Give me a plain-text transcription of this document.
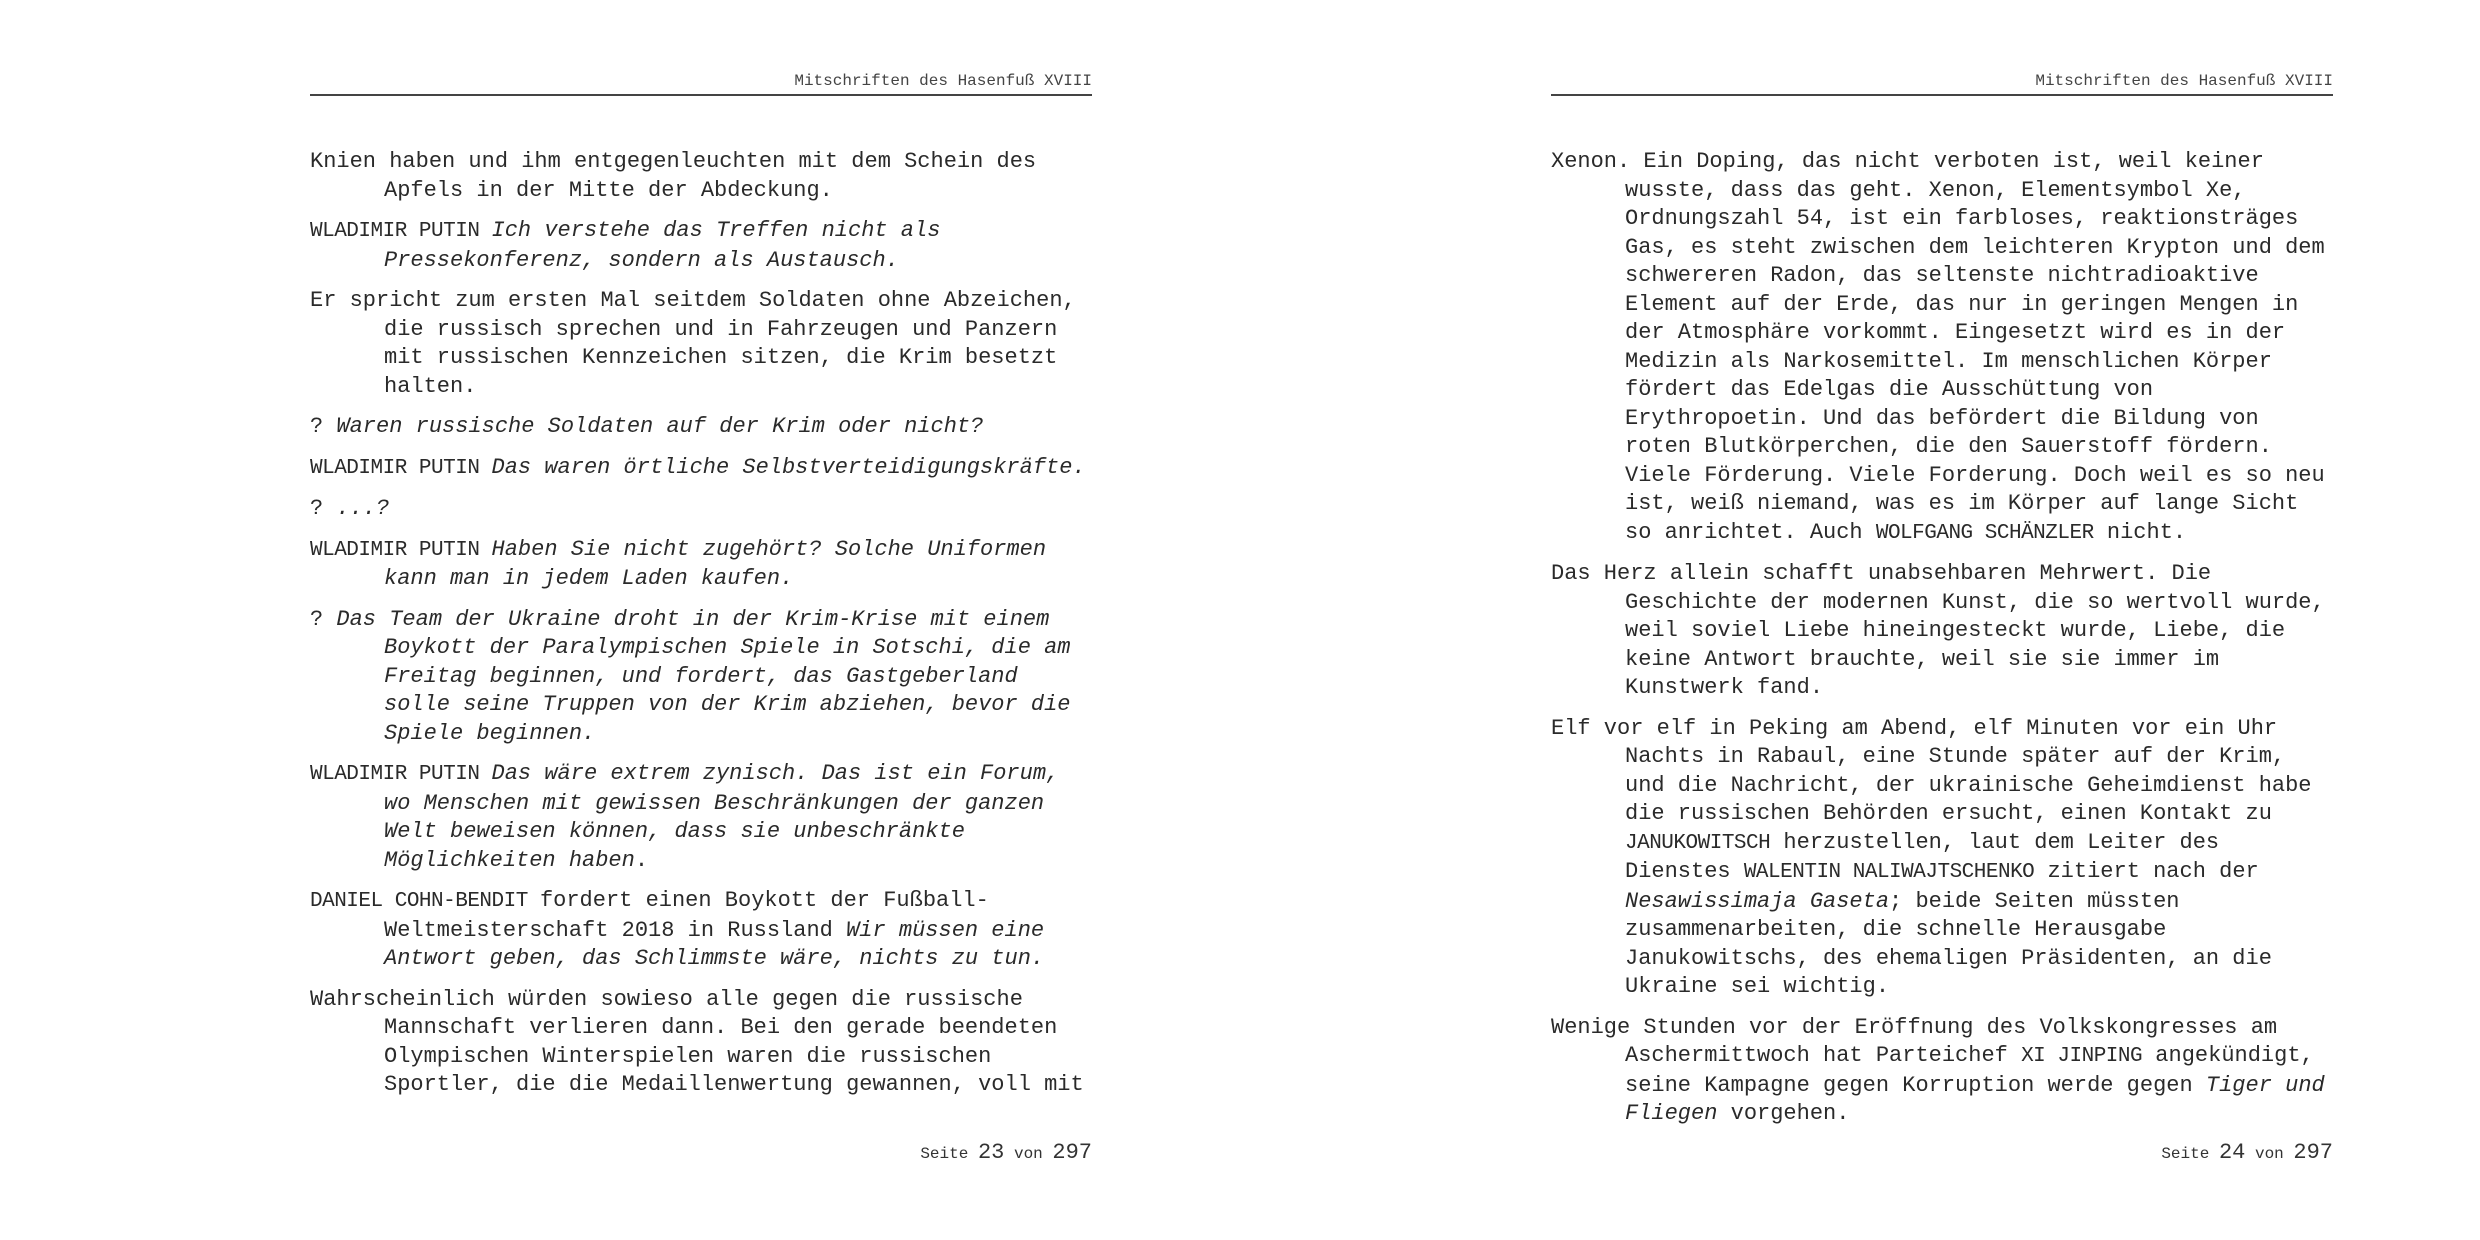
Mitschriften des Hasenfuß XVIII

Knien haben und ihm entgegenleuchten mit dem Schein des Apfels in der Mitte der Abdeckung.

WLADIMIR PUTIN Ich verstehe das Treffen nicht als Pressekonferenz, sondern als Austausch.

Er spricht zum ersten Mal seitdem Soldaten ohne Abzeichen, die russisch sprechen und in Fahrzeugen und Panzern mit russischen Kennzeichen sitzen, die Krim besetzt halten.

? Waren russische Soldaten auf der Krim oder nicht?

WLADIMIR PUTIN Das waren örtliche Selbstverteidigungskräfte.

? ...?

WLADIMIR PUTIN Haben Sie nicht zugehört? Solche Uniformen kann man in jedem Laden kaufen.

? Das Team der Ukraine droht in der Krim-Krise mit einem Boykott der Paralympischen Spiele in Sotschi, die am Freitag beginnen, und fordert, das Gastgeberland solle seine Truppen von der Krim abziehen, bevor die Spiele beginnen.

WLADIMIR PUTIN Das wäre extrem zynisch. Das ist ein Forum, wo Menschen mit gewissen Beschränkungen der ganzen Welt beweisen können, dass sie unbeschränkte Möglichkeiten haben.

DANIEL COHN-BENDIT fordert einen Boykott der Fußball-Weltmeisterschaft 2018 in Russland Wir müssen eine Antwort geben, das Schlimmste wäre, nichts zu tun.

Wahrscheinlich würden sowieso alle gegen die russische Mannschaft verlieren dann. Bei den gerade beendeten Olympischen Winterspielen waren die russischen Sportler, die die Medaillenwertung gewannen, voll mit

Seite 23 von 297
Mitschriften des Hasenfuß XVIII

Xenon. Ein Doping, das nicht verboten ist, weil keiner wusste, dass das geht. Xenon, Elementsymbol Xe, Ordnungszahl 54, ist ein farbloses, reaktionsträges Gas, es steht zwischen dem leichteren Krypton und dem schwereren Radon, das seltenste nichtradioaktive Element auf der Erde, das nur in geringen Mengen in der Atmosphäre vorkommt. Eingesetzt wird es in der Medizin als Narkosemittel. Im menschlichen Körper fördert das Edelgas die Ausschüttung von Erythropoetin. Und das befördert die Bildung von roten Blutkörperchen, die den Sauerstoff fördern. Viele Förderung. Viele Forderung. Doch weil es so neu ist, weiß niemand, was es im Körper auf lange Sicht so anrichtet. Auch WOLFGANG SCHÄNZLER nicht.

Das Herz allein schafft unabsehbaren Mehrwert. Die Geschichte der modernen Kunst, die so wertvoll wurde, weil soviel Liebe hineingesteckt wurde, Liebe, die keine Antwort brauchte, weil sie sie immer im Kunstwerk fand.

Elf vor elf in Peking am Abend, elf Minuten vor ein Uhr Nachts in Rabaul, eine Stunde später auf der Krim, und die Nachricht, der ukrainische Geheimdienst habe die russischen Behörden ersucht, einen Kontakt zu JANUKOWITSCH herzustellen, laut dem Leiter des Dienstes WALENTIN NALIWAJTSCHENKO zitiert nach der Nesawissimaja Gaseta; beide Seiten müssten zusammenarbeiten, die schnelle Herausgabe Janukowitschs, des ehemaligen Präsidenten, an die Ukraine sei wichtig.

Wenige Stunden vor der Eröffnung des Volkskongresses am Aschermittwoch hat Parteichef XI JINPING angekündigt, seine Kampagne gegen Korruption werde gegen Tiger und Fliegen vorgehen.

Seite 24 von 297
